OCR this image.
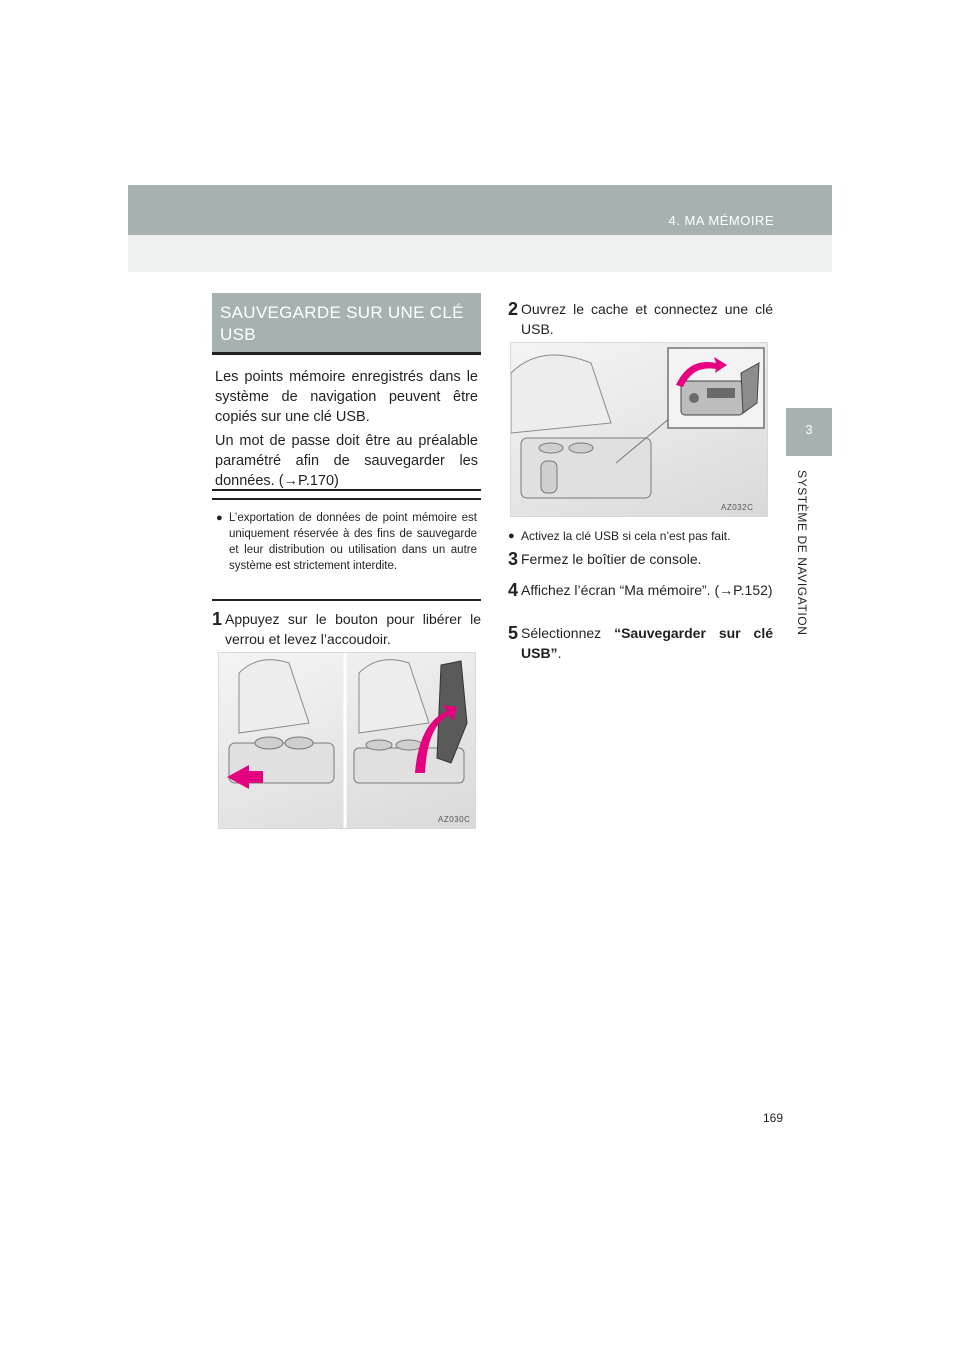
4. MA MÉMOIRE
3
SYSTÈME DE NAVIGATION
SAUVEGARDE SUR UNE CLÉ USB

Les points mémoire enregistrés dans le système de navigation peuvent être copiés sur une clé USB.

Un mot de passe doit être au préalable paramétré afin de sauvegarder les données. (→P.170)

● L’exportation de données de point mémoire est uniquement réservée à des fins de sauvegarde et leur distribution ou utilisation dans un autre système est strictement interdite.
1 Appuyez sur le bouton pour libérer le verrou et levez l’accoudoir.
AZ030C
2 Ouvrez le cache et connectez une clé USB.
AZ032C
● Activez la clé USB si cela n’est pas fait.
3 Fermez le boîtier de console.
4 Affichez l’écran “Ma mémoire”. (→P.152)
5 Sélectionnez “Sauvegarder sur clé USB”.
169
